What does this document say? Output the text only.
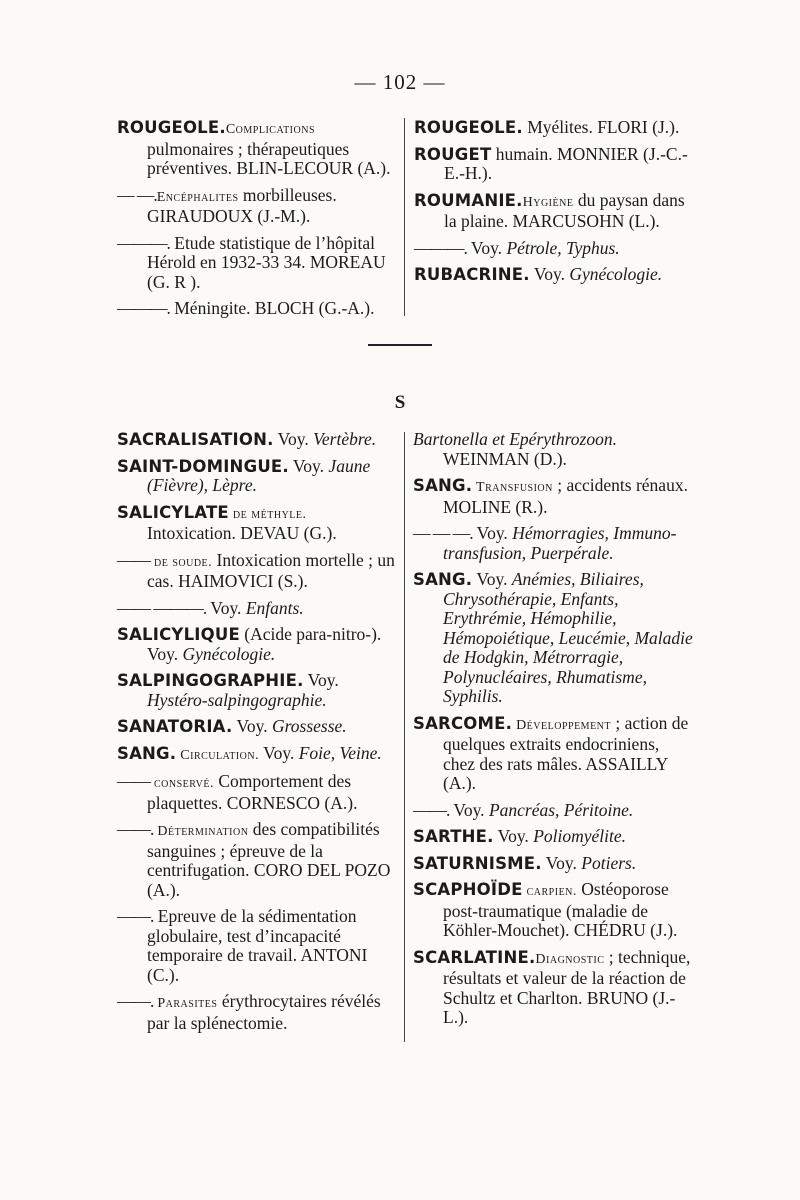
— 102 —
ROUGEOLE.Complications pulmonaires ; thérapeutiques préventives. BLIN-LECOUR (A.).
— —.Encéphalites morbilleuses. GIRAUDOUX (J.-M.).
———. Etude statistique de l’hôpital Hérold en 1932-33 34. MOREAU (G. R ).
———. Méningite. BLOCH (G.-A.).
ROUGEOLE. Myélites. FLORI (J.).
ROUGET humain. MONNIER (J.-C.-E.-H.).
ROUMANIE.Hygiène du paysan dans la plaine. MARCUSOHN (L.).
———. Voy. Pétrole, Typhus.
RUBACRINE. Voy. Gynécologie.
S
SACRALISATION. Voy. Vertèbre.
SAINT-DOMINGUE. Voy. Jaune (Fièvre), Lèpre.
SALICYLATE de méthyle. Intoxication. DEVAU (G.).
—— de soude. Intoxication mortelle ; un cas. HAIMOVICI (S.).
—— ———. Voy. Enfants.
SALICYLIQUE (Acide para-nitro-). Voy. Gynécologie.
SALPINGOGRAPHIE. Voy. Hystéro-salpingographie.
SANATORIA. Voy. Grossesse.
SANG. Circulation. Voy. Foie, Veine.
—— conservé. Comportement des plaquettes. CORNESCO (A.).
——. Détermination des compatibilités sanguines ; épreuve de la centrifugation. CORO DEL POZO (A.).
——. Epreuve de la sédimentation globulaire, test d’incapacité temporaire de travail. ANTONI (C.).
——. Parasites érythrocytaires révélés par la splénectomie.
Bartonella et Epérythrozoon. WEINMAN (D.).
SANG. Transfusion ; accidents rénaux. MOLINE (R.).
— — —. Voy. Hémorragies, Immuno-transfusion, Puerpérale.
SANG. Voy. Anémies, Biliaires, Chrysothérapie, Enfants, Erythrémie, Hémophilie, Hémopoiétique, Leucémie, Maladie de Hodgkin, Métrorragie, Polynucléaires, Rhumatisme, Syphilis.
SARCOME. Développement ; action de quelques extraits endocriniens, chez des rats mâles. ASSAILLY (A.).
——. Voy. Pancréas, Péritoine.
SARTHE. Voy. Poliomyélite.
SATURNISME. Voy. Potiers.
SCAPHOÏDE carpien. Ostéoporose post-traumatique (maladie de Köhler-Mouchet). CHÉDRU (J.).
SCARLATINE.Diagnostic ; technique, résultats et valeur de la réaction de Schultz et Charlton. BRUNO (J.-L.).
